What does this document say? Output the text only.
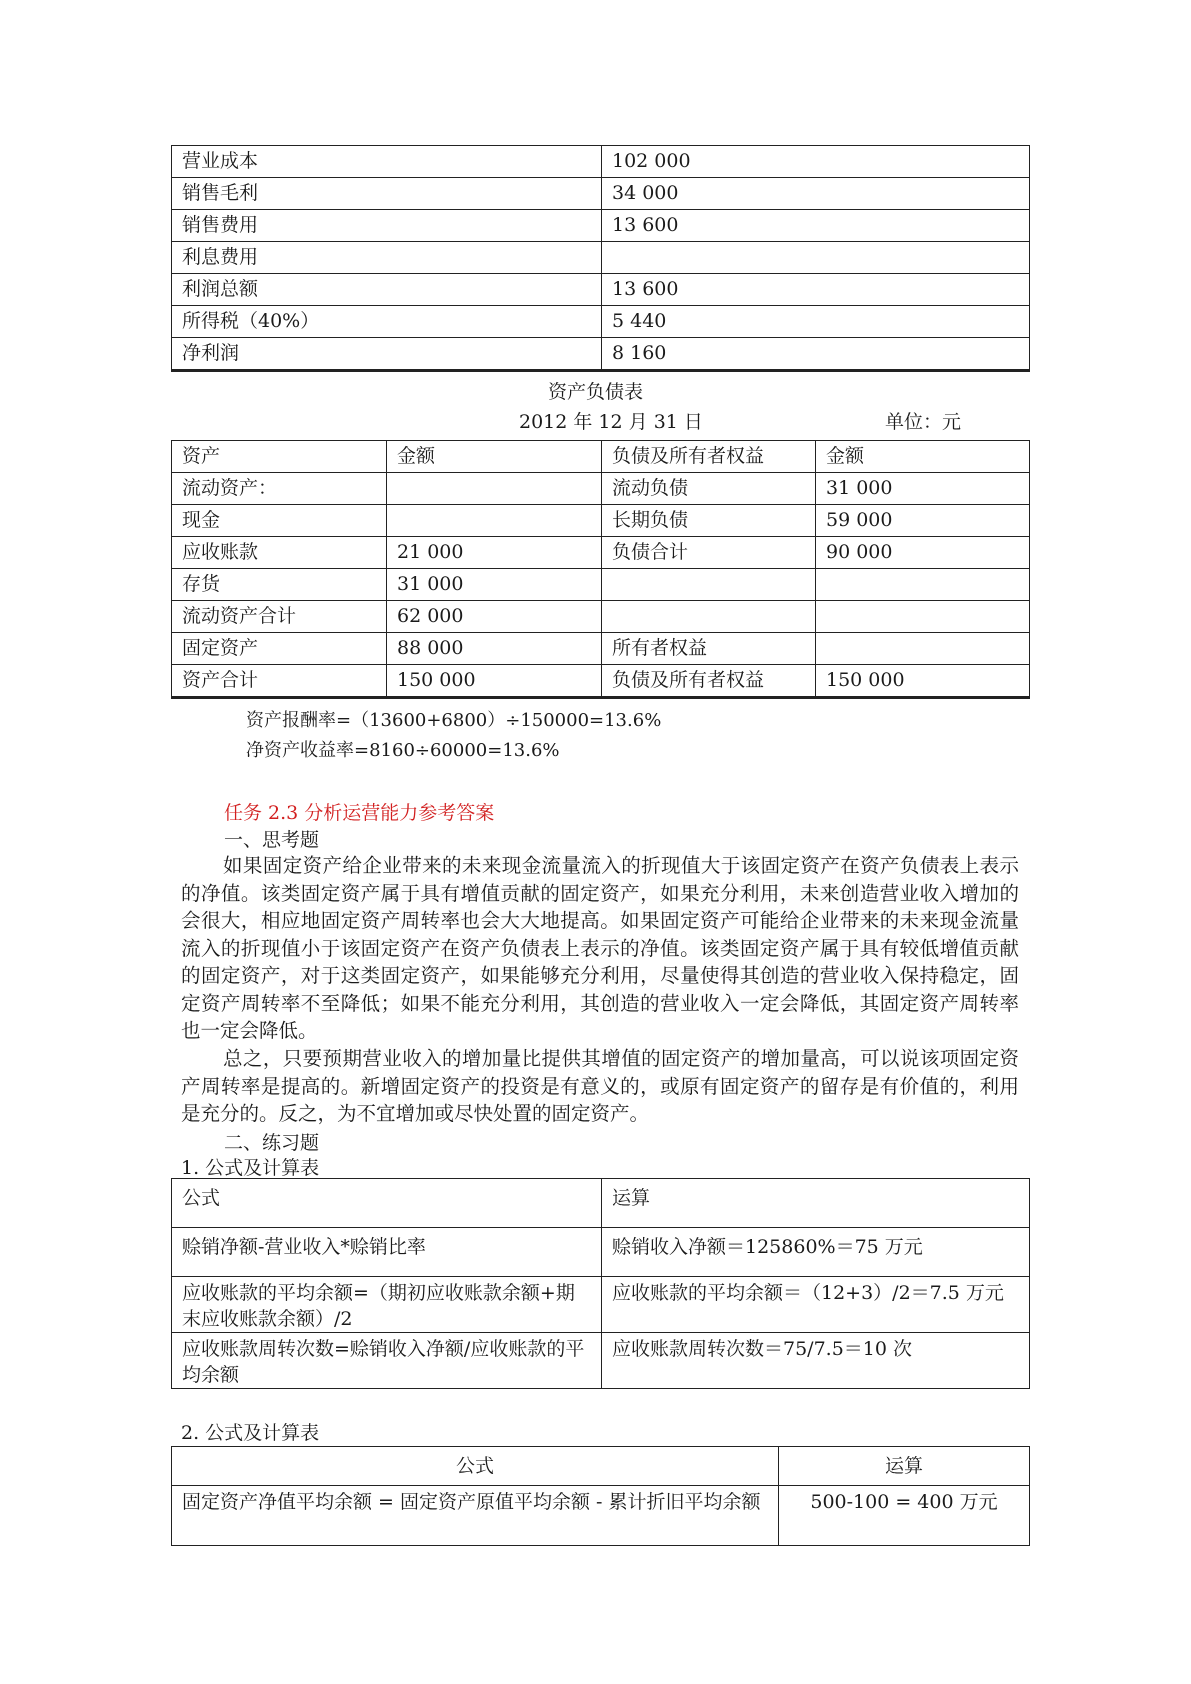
营业成本	102 000
销售毛利	34 000
销售费用	13 600
利息费用	
利润总额	13 600
所得税（40%）	5 440
净利润	8 160
资产负债表
2012 年 12 月 31 日	单位：元
资产	金额	负债及所有者权益	金额
流动资产：		流动负债	31 000
现金		长期负债	59 000
应收账款	21 000	负债合计	90 000
存货	31 000		
流动资产合计	62 000		
固定资产	88 000	所有者权益	
资产合计	150 000	负债及所有者权益	150 000
资产报酬率=（13600+6800）÷150000=13.6%
净资产收益率=8160÷60000=13.6%
任务 2.3 分析运营能力参考答案
一、思考题

如果固定资产给企业带来的未来现金流量流入的折现值大于该固定资产在资产负债表上表示的净值。该类固定资产属于具有增值贡献的固定资产，如果充分利用，未来创造营业收入增加的会很大，相应地固定资产周转率也会大大地提高。如果固定资产可能给企业带来的未来现金流量流入的折现值小于该固定资产在资产负债表上表示的净值。该类固定资产属于具有较低增值贡献的固定资产，对于这类固定资产，如果能够充分利用，尽量使得其创造的营业收入保持稳定，固定资产周转率不至降低；如果不能充分利用，其创造的营业收入一定会降低，其固定资产周转率也一定会降低。

总之，只要预期营业收入的增加量比提供其增值的固定资产的增加量高，可以说该项固定资产周转率是提高的。新增固定资产的投资是有意义的，或原有固定资产的留存是有价值的，利用是充分的。反之，为不宜增加或尽快处置的固定资产。

二、练习题
1. 公式及计算表
公式	运算
赊销净额-营业收入*赊销比率	赊销收入净额＝125860%＝75 万元
应收账款的平均余额=（期初应收账款余额+期末应收账款余额）/2	应收账款的平均余额＝（12+3）/2＝7.5 万元
应收账款周转次数=赊销收入净额/应收账款的平均余额	应收账款周转次数＝75/7.5＝10 次
2. 公式及计算表
公式	运算
固定资产净值平均余额 = 固定资产原值平均余额 - 累计折旧平均余额	500-100 = 400 万元
